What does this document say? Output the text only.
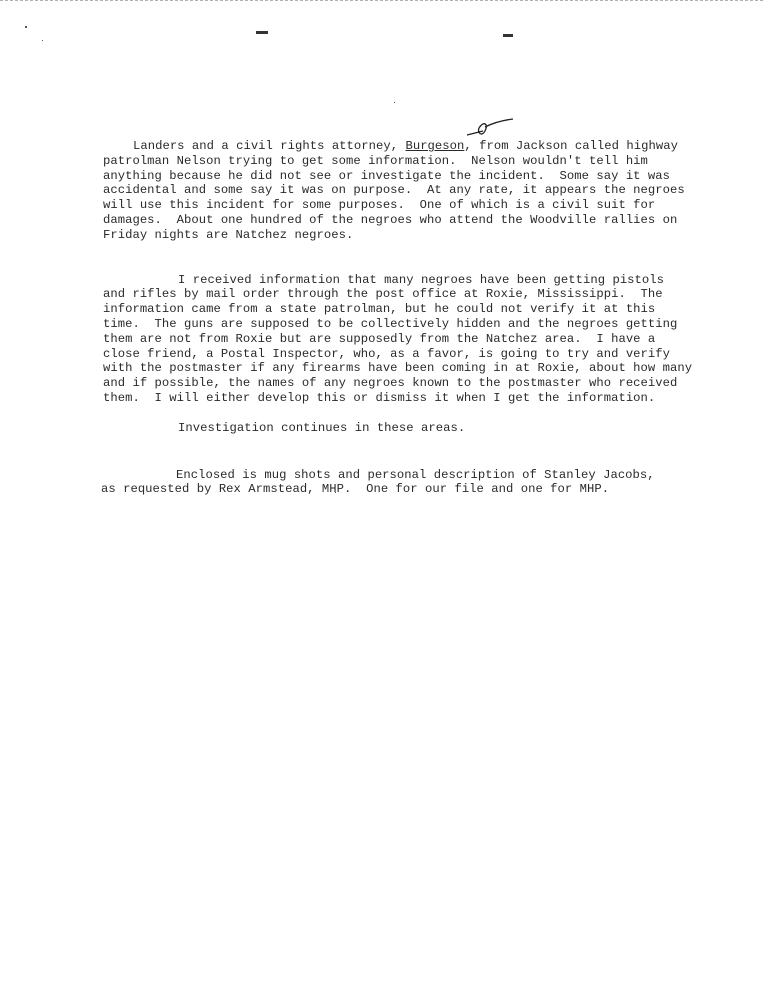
Landers and a civil rights attorney, Burgeson, from Jackson called highway
patrolman Nelson trying to get some information.  Nelson wouldn't tell him
anything because he did not see or investigate the incident.  Some say it was
accidental and some say it was on purpose.  At any rate, it appears the negroes
will use this incident for some purposes.  One of which is a civil suit for
damages.  About one hundred of the negroes who attend the Woodville rallies on
Friday nights are Natchez negroes.
I received information that many negroes have been getting pistols
and rifles by mail order through the post office at Roxie, Mississippi.  The
information came from a state patrolman, but he could not verify it at this
time.  The guns are supposed to be collectively hidden and the negroes getting
them are not from Roxie but are supposedly from the Natchez area.  I have a
close friend, a Postal Inspector, who, as a favor, is going to try and verify
with the postmaster if any firearms have been coming in at Roxie, about how many
and if possible, the names of any negroes known to the postmaster who received
them.  I will either develop this or dismiss it when I get the information.
Investigation continues in these areas.
Enclosed is mug shots and personal description of Stanley Jacobs,
as requested by Rex Armstead, MHP.  One for our file and one for MHP.
